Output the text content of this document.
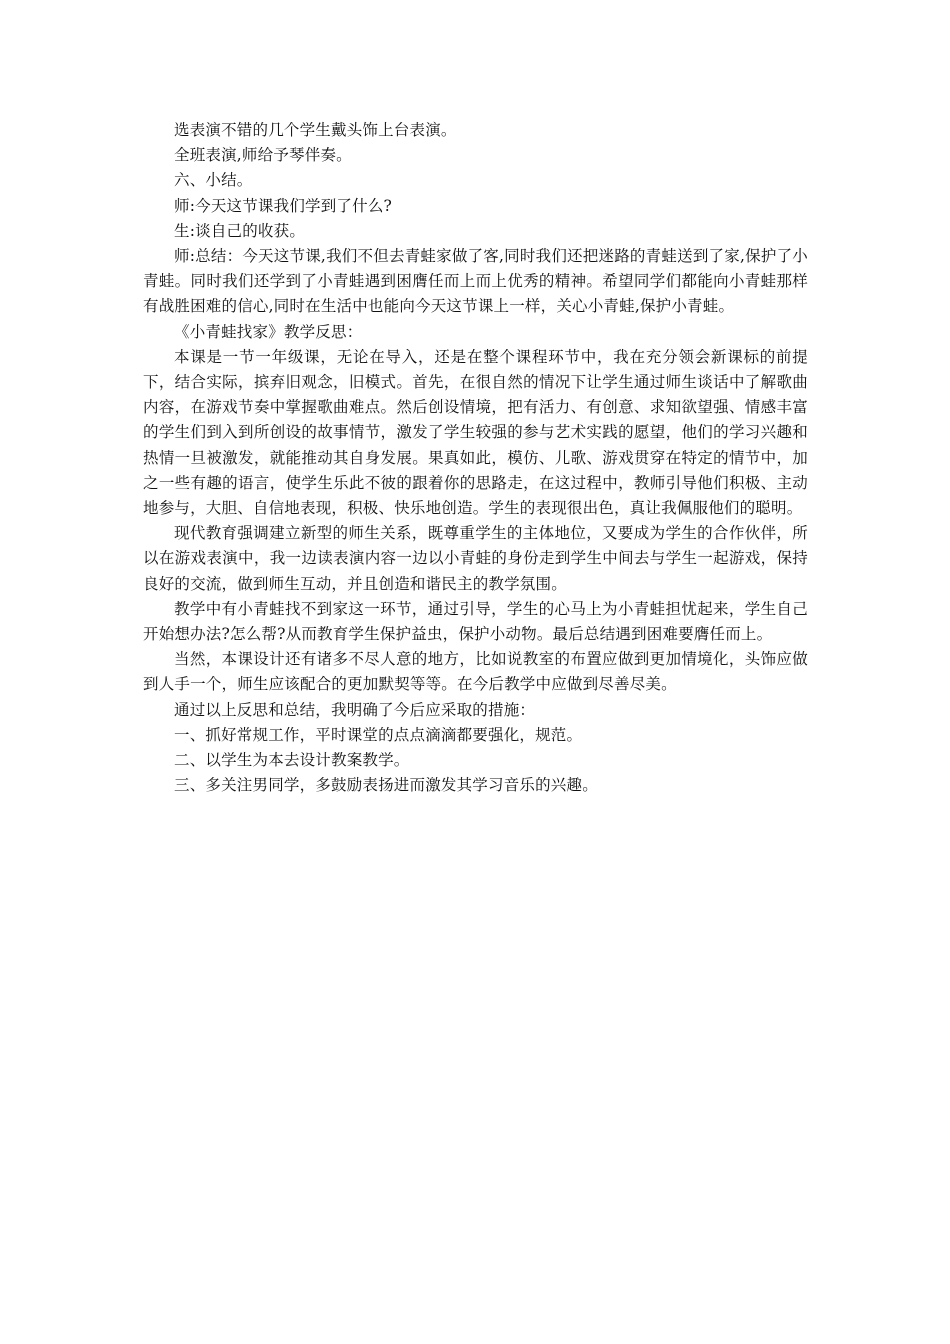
选表演不错的几个学生戴头饰上台表演。

全班表演,师给予琴伴奏。

六、小结。

师:今天这节课我们学到了什么?

生:谈自己的收获。

师:总结：今天这节课,我们不但去青蛙家做了客,同时我们还把迷路的青蛙送到了家,保护了小青蛙。同时我们还学到了小青蛙遇到困膺任而上而上优秀的精神。希望同学们都能向小青蛙那样有战胜困难的信心,同时在生活中也能向今天这节课上一样，关心小青蛙,保护小青蛙。

《小青蛙找家》教学反思：

本课是一节一年级课，无论在导入，还是在整个课程环节中，我在充分领会新课标的前提下，结合实际，摈弃旧观念，旧模式。首先，在很自然的情况下让学生通过师生谈话中了解歌曲内容，在游戏节奏中掌握歌曲难点。然后创设情境，把有活力、有创意、求知欲望强、情感丰富的学生们到入到所创设的故事情节，激发了学生较强的参与艺术实践的愿望，他们的学习兴趣和热情一旦被激发，就能推动其自身发展。果真如此，模仿、儿歌、游戏贯穿在特定的情节中，加之一些有趣的语言，使学生乐此不彼的跟着你的思路走，在这过程中，教师引导他们积极、主动地参与，大胆、自信地表现，积极、快乐地创造。学生的表现很出色，真让我佩服他们的聪明。

现代教育强调建立新型的师生关系，既尊重学生的主体地位，又要成为学生的合作伙伴，所以在游戏表演中，我一边读表演内容一边以小青蛙的身份走到学生中间去与学生一起游戏，保持良好的交流，做到师生互动，并且创造和谐民主的教学氛围。

教学中有小青蛙找不到家这一环节，通过引导，学生的心马上为小青蛙担忧起来，学生自己开始想办法?怎么帮?从而教育学生保护益虫，保护小动物。最后总结遇到困难要膺任而上。

当然，本课设计还有诸多不尽人意的地方，比如说教室的布置应做到更加情境化，头饰应做到人手一个，师生应该配合的更加默契等等。在今后教学中应做到尽善尽美。

通过以上反思和总结，我明确了今后应采取的措施：

一、抓好常规工作，平时课堂的点点滴滴都要强化，规范。

二、以学生为本去设计教案教学。

三、多关注男同学，多鼓励表扬进而激发其学习音乐的兴趣。
